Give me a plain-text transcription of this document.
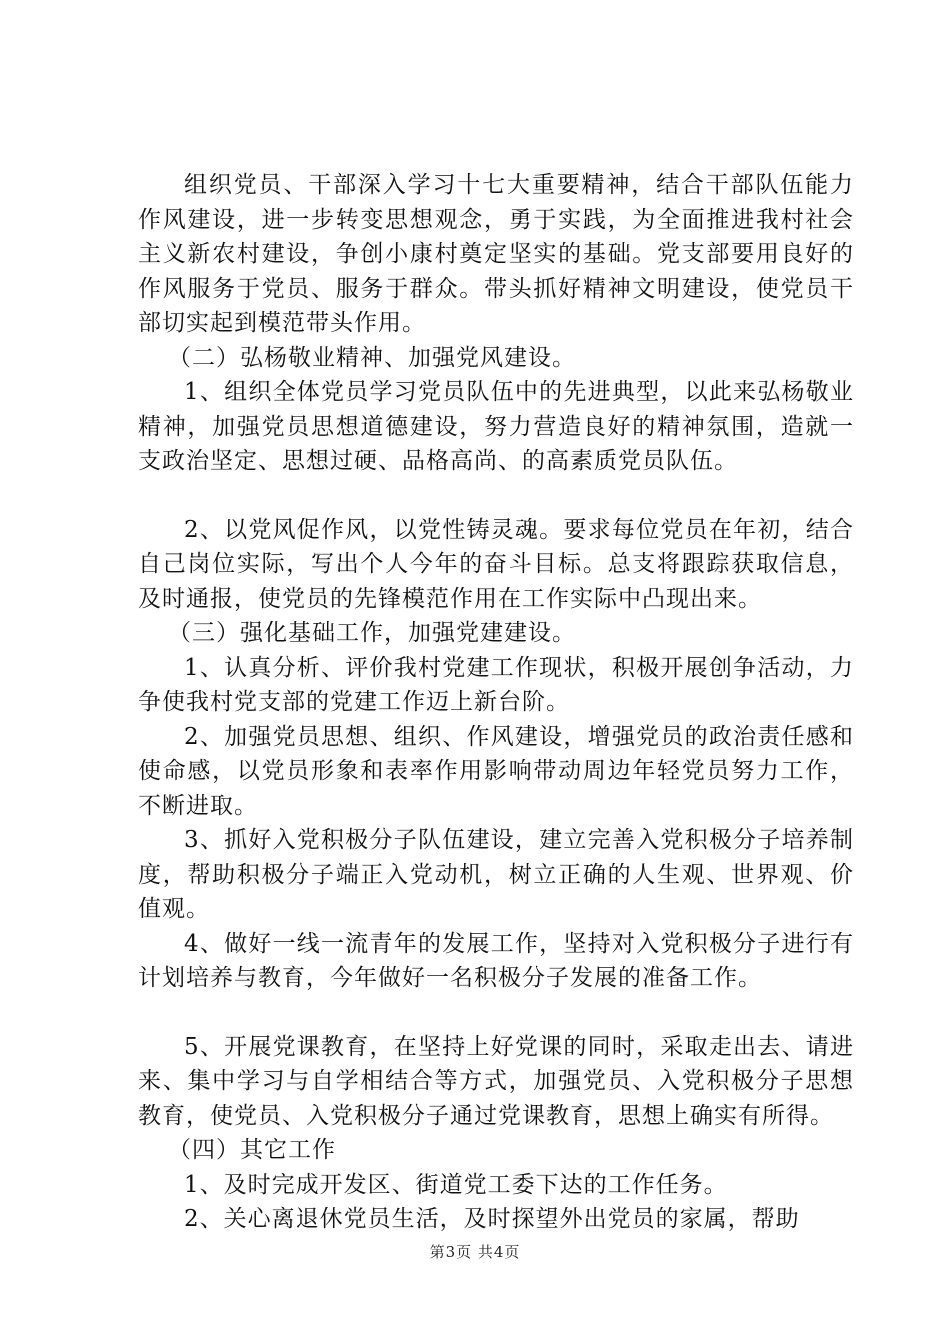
组织党员、干部深入学习十七大重要精神，结合干部队伍能力作风建设，进一步转变思想观念，勇于实践，为全面推进我村社会主义新农村建设，争创小康村奠定坚实的基础。党支部要用良好的作风服务于党员、服务于群众。带头抓好精神文明建设，使党员干部切实起到模范带头作用。

（二）弘杨敬业精神、加强党风建设。

1、组织全体党员学习党员队伍中的先进典型，以此来弘杨敬业精神，加强党员思想道德建设，努力营造良好的精神氛围，造就一支政治坚定、思想过硬、品格高尚、的高素质党员队伍。

2、以党风促作风，以党性铸灵魂。要求每位党员在年初，结合自己岗位实际，写出个人今年的奋斗目标。总支将跟踪获取信息，及时通报，使党员的先锋模范作用在工作实际中凸现出来。

（三）强化基础工作，加强党建建设。

1、认真分析、评价我村党建工作现状，积极开展创争活动，力争使我村党支部的党建工作迈上新台阶。

2、加强党员思想、组织、作风建设，增强党员的政治责任感和使命感，以党员形象和表率作用影响带动周边年轻党员努力工作，不断进取。

3、抓好入党积极分子队伍建设，建立完善入党积极分子培养制度，帮助积极分子端正入党动机，树立正确的人生观、世界观、价值观。

4、做好一线一流青年的发展工作，坚持对入党积极分子进行有计划培养与教育，今年做好一名积极分子发展的准备工作。

5、开展党课教育，在坚持上好党课的同时，采取走出去、请进来、集中学习与自学相结合等方式，加强党员、入党积极分子思想教育，使党员、入党积极分子通过党课教育，思想上确实有所得。

（四）其它工作

1、及时完成开发区、街道党工委下达的工作任务。

2、关心离退休党员生活，及时探望外出党员的家属，帮助

第3页 共4页
